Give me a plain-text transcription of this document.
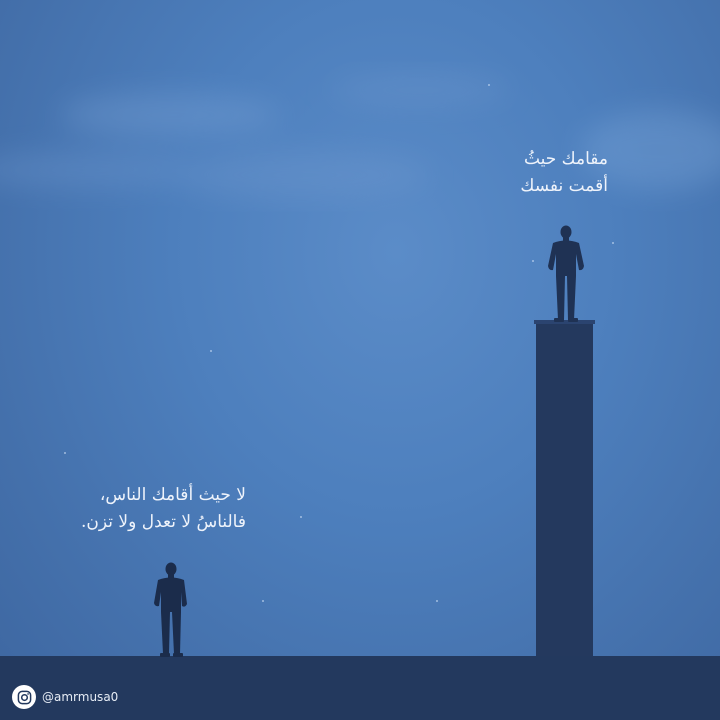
مقامك حيثُ
أقمت نفسك
لا حيث أقامك الناس،
فالناسُ لا تعدل ولا تزن.
@amrmusa0
